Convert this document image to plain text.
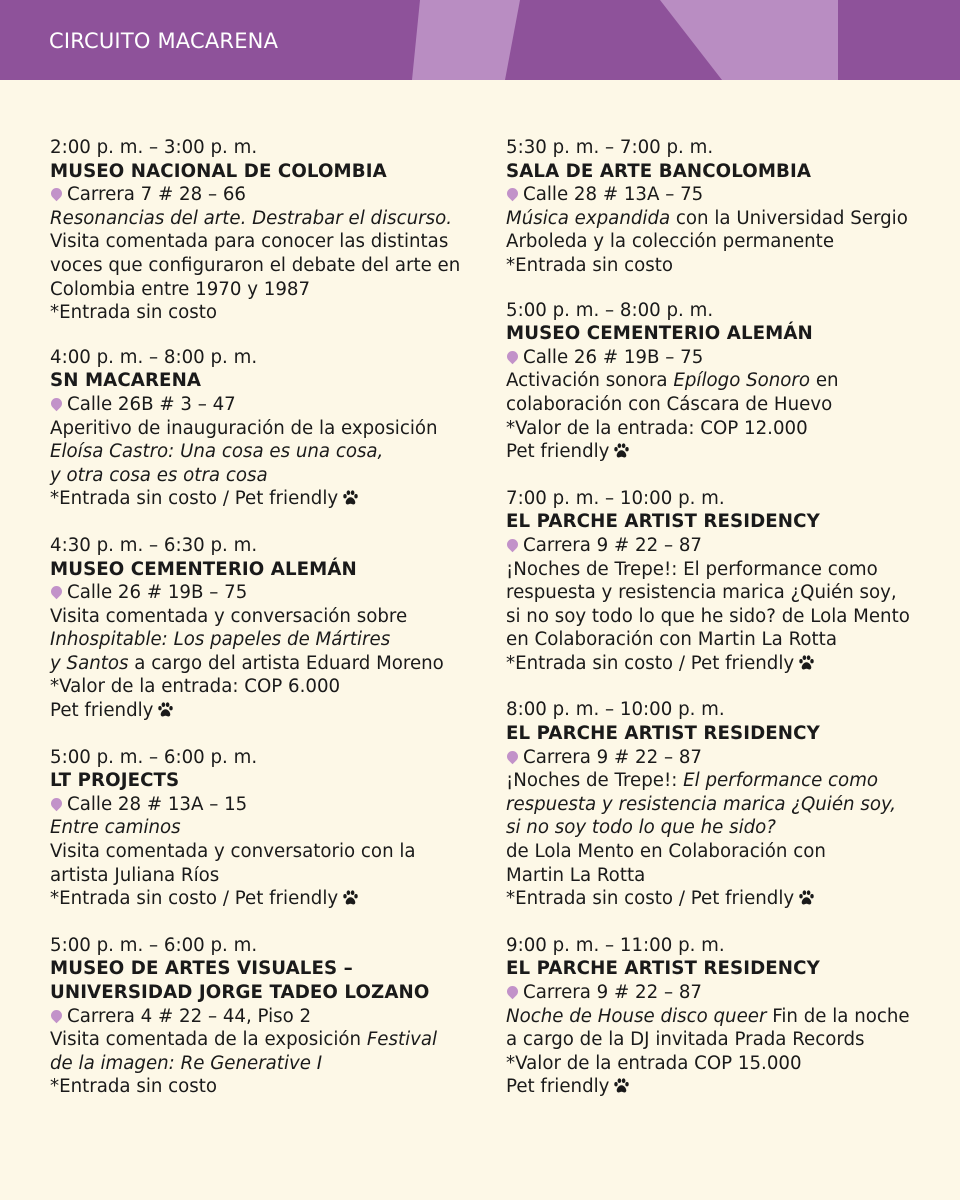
CIRCUITO MACARENA
2:00 p. m. – 3:00 p. m.
MUSEO NACIONAL DE COLOMBIA
Carrera 7 # 28 – 66
Resonancias del arte. Destrabar el discurso.
Visita comentada para conocer las distintas
voces que configuraron el debate del arte en
Colombia entre 1970 y 1987
*Entrada sin costo
4:00 p. m. – 8:00 p. m.
SN MACARENA
Calle 26B # 3 – 47
Aperitivo de inauguración de la exposición
Eloísa Castro: Una cosa es una cosa,
y otra cosa es otra cosa
*Entrada sin costo / Pet friendly
4:30 p. m. – 6:30 p. m.
MUSEO CEMENTERIO ALEMÁN
Calle 26 # 19B – 75
Visita comentada y conversación sobre
Inhospitable: Los papeles de Mártires
y Santos a cargo del artista Eduard Moreno
*Valor de la entrada: COP 6.000
Pet friendly
5:00 p. m. – 6:00 p. m.
LT PROJECTS
Calle 28 # 13A – 15
Entre caminos
Visita comentada y conversatorio con la
artista Juliana Ríos
*Entrada sin costo / Pet friendly
5:00 p. m. – 6:00 p. m.
MUSEO DE ARTES VISUALES –
UNIVERSIDAD JORGE TADEO LOZANO
Carrera 4 # 22 – 44, Piso 2
Visita comentada de la exposición Festival
de la imagen: Re Generative I
*Entrada sin costo
5:30 p. m. – 7:00 p. m.
SALA DE ARTE BANCOLOMBIA
Calle 28 # 13A – 75
Música expandida con la Universidad Sergio
Arboleda y la colección permanente
*Entrada sin costo
5:00 p. m. – 8:00 p. m.
MUSEO CEMENTERIO ALEMÁN
Calle 26 # 19B – 75
Activación sonora Epílogo Sonoro en
colaboración con Cáscara de Huevo
*Valor de la entrada: COP 12.000
Pet friendly
7:00 p. m. – 10:00 p. m.
EL PARCHE ARTIST RESIDENCY
Carrera 9 # 22 – 87
¡Noches de Trepe!: El performance como
respuesta y resistencia marica ¿Quién soy,
si no soy todo lo que he sido? de Lola Mento
en Colaboración con Martin La Rotta
*Entrada sin costo / Pet friendly
8:00 p. m. – 10:00 p. m.
EL PARCHE ARTIST RESIDENCY
Carrera 9 # 22 – 87
¡Noches de Trepe!: El performance como
respuesta y resistencia marica ¿Quién soy,
si no soy todo lo que he sido?
de Lola Mento en Colaboración con
Martin La Rotta
*Entrada sin costo / Pet friendly
9:00 p. m. – 11:00 p. m.
EL PARCHE ARTIST RESIDENCY
Carrera 9 # 22 – 87
Noche de House disco queer Fin de la noche
a cargo de la DJ invitada Prada Records
*Valor de la entrada COP 15.000
Pet friendly
